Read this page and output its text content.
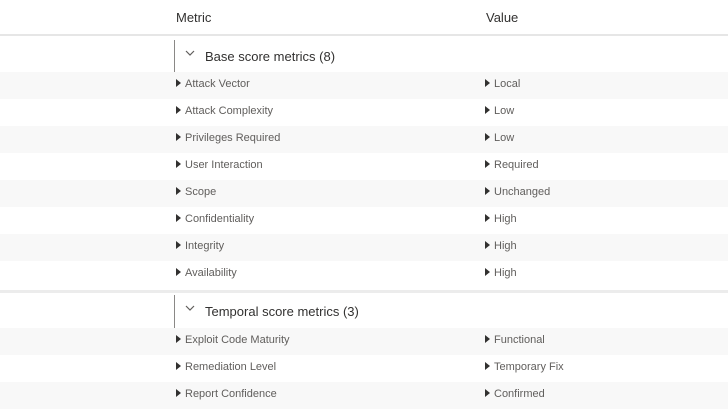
Metric	Value
Base score metrics (8)
Attack Vector	Local
Attack Complexity	Low
Privileges Required	Low
User Interaction	Required
Scope	Unchanged
Confidentiality	High
Integrity	High
Availability	High
Temporal score metrics (3)
Exploit Code Maturity	Functional
Remediation Level	Temporary Fix
Report Confidence	Confirmed
